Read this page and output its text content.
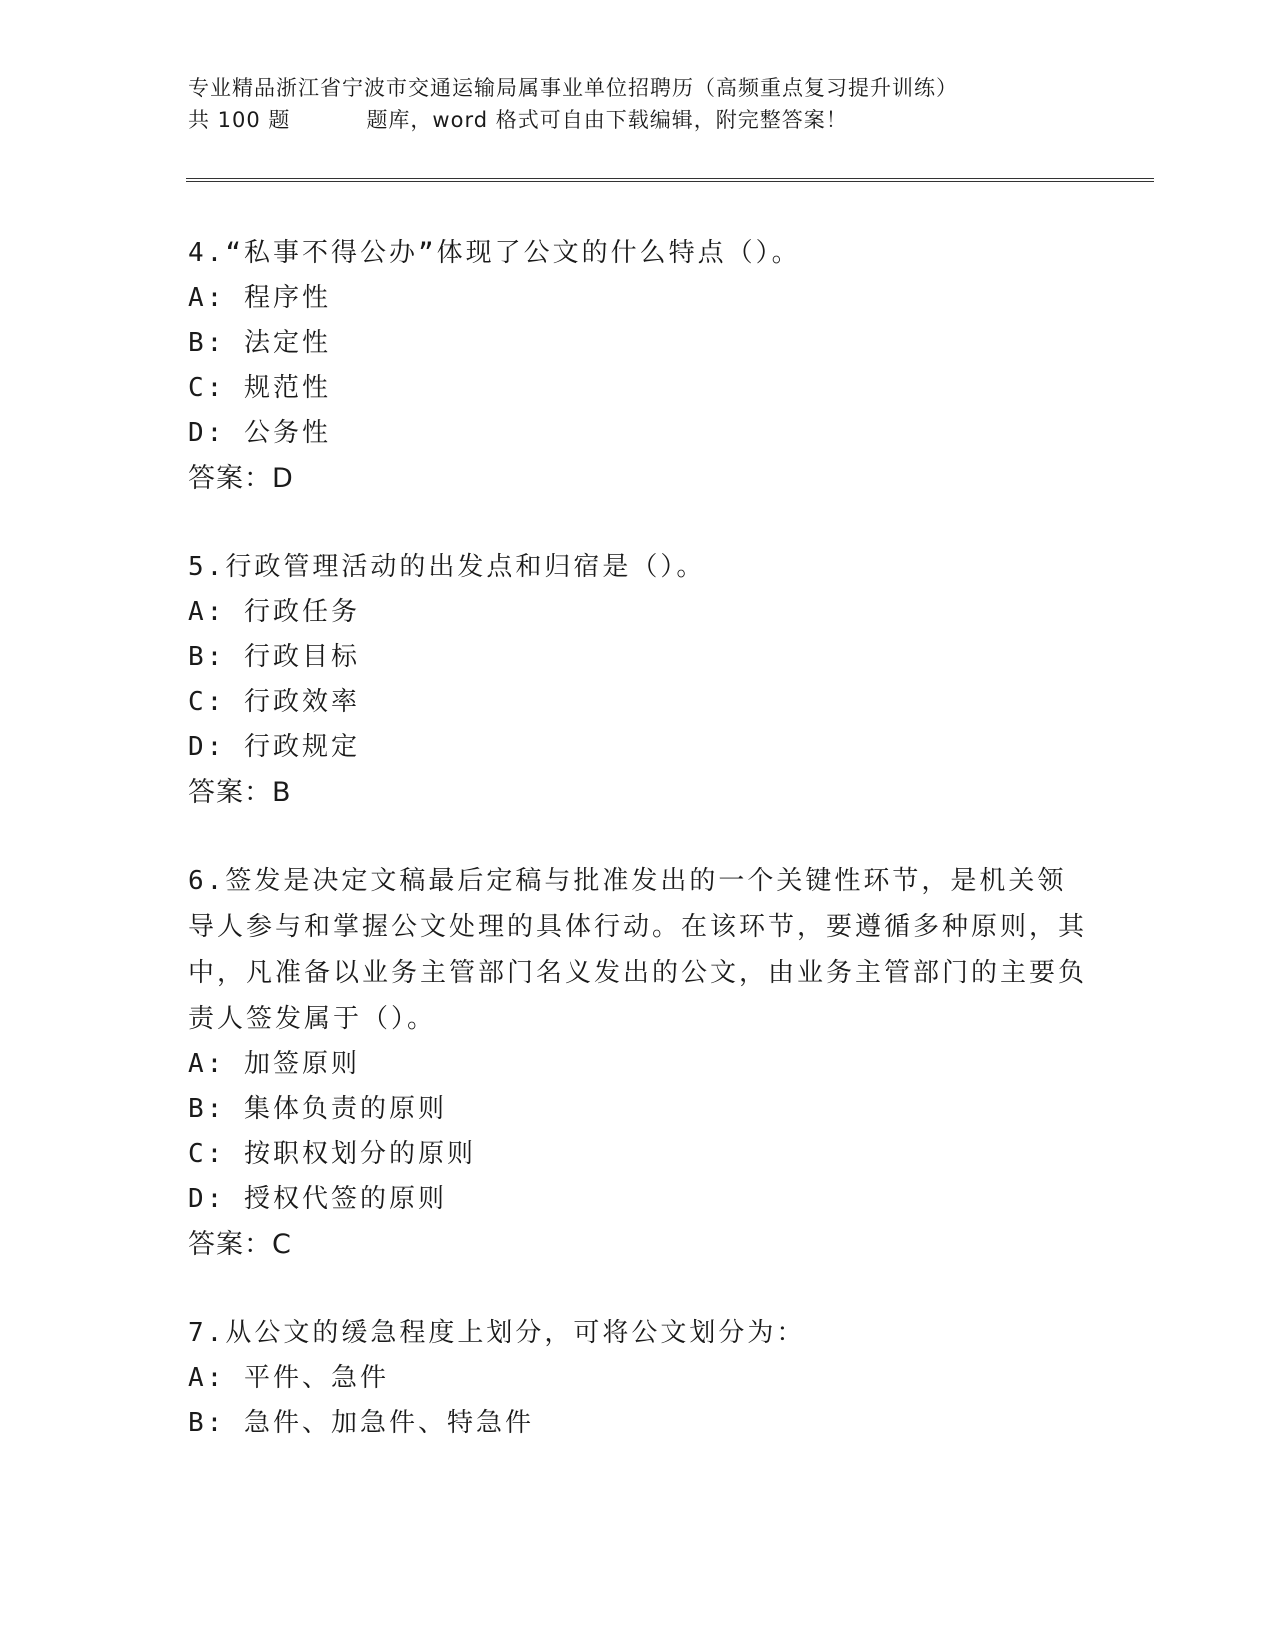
专业精品浙江省宁波市交通运输局属事业单位招聘历（高频重点复习提升训练）
共 100 题	题库，word 格式可自由下载编辑，附完整答案！

4 . “私事不得公办”体现了公文的什么特点（）。

A : 程序性

B : 法定性

C : 规范性

D : 公务性

答案：D

5 . 行政管理活动的出发点和归宿是（）。

A : 行政任务

B : 行政目标

C : 行政效率

D : 行政规定

答案：B

6 . 签发是决定文稿最后定稿与批准发出的一个关键性环节，是机关领导人参与和掌握公文处理的具体行动。在该环节，要遵循多种原则，其中，凡准备以业务主管部门名义发出的公文，由业务主管部门的主要负责人签发属于（）。

A : 加签原则

B : 集体负责的原则

C : 按职权划分的原则

D : 授权代签的原则

答案：C

7 . 从公文的缓急程度上划分，可将公文划分为：

A : 平件、急件

B : 急件、加急件、特急件
